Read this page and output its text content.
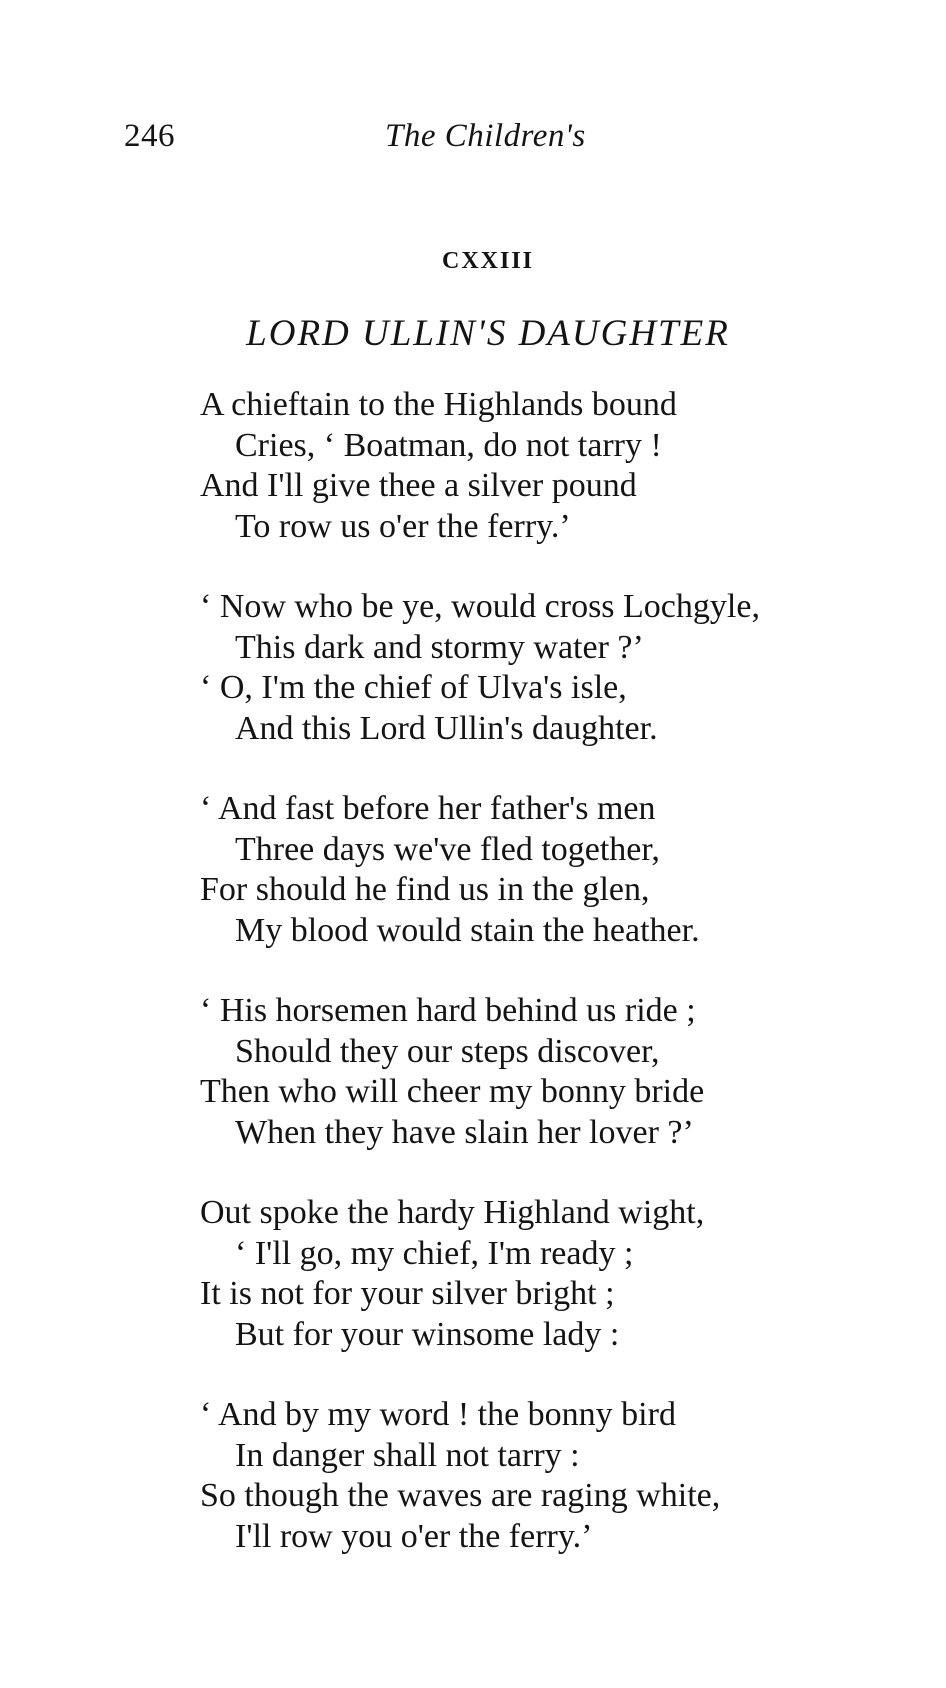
246	The Children's
CXXIII
LORD ULLIN'S DAUGHTER
A chieftain to the Highlands bound
Cries, ‘ Boatman, do not tarry !
And I'll give thee a silver pound
To row us o'er the ferry.’
‘ Now who be ye, would cross Lochgyle,
This dark and stormy water ?’
‘ O, I'm the chief of Ulva's isle,
And this Lord Ullin's daughter.
‘ And fast before her father's men
Three days we've fled together,
For should he find us in the glen,
My blood would stain the heather.
‘ His horsemen hard behind us ride ;
Should they our steps discover,
Then who will cheer my bonny bride
When they have slain her lover ?’
Out spoke the hardy Highland wight,
‘ I'll go, my chief, I'm ready ;
It is not for your silver bright ;
But for your winsome lady :
‘ And by my word ! the bonny bird
In danger shall not tarry :
So though the waves are raging white,
I'll row you o'er the ferry.’
